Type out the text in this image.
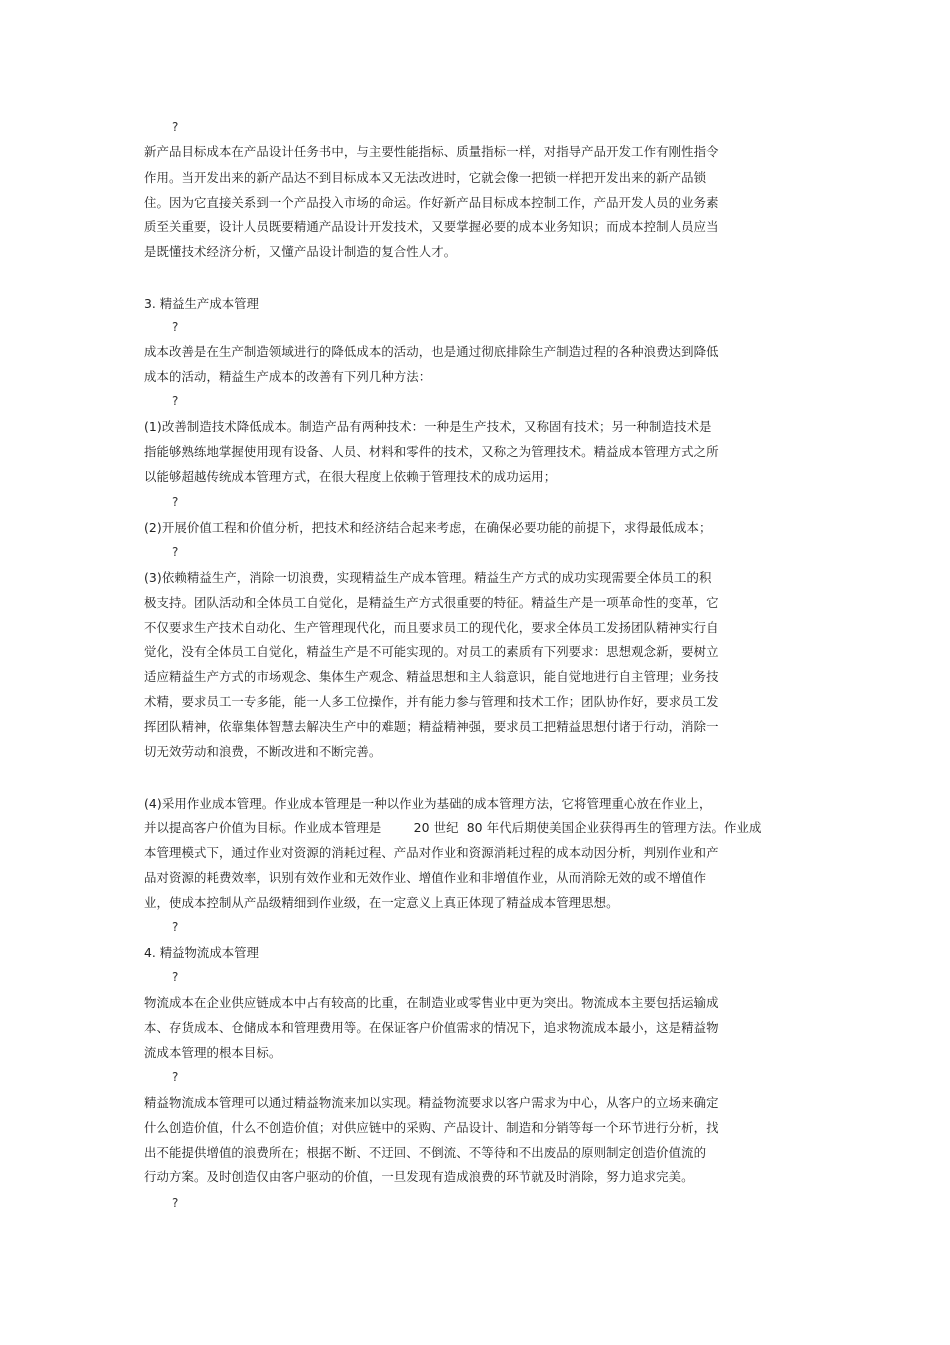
?
新产品目标成本在产品设计任务书中，与主要性能指标、质量指标一样，对指导产品开发工作有刚性指令
作用。当开发出来的新产品达不到目标成本又无法改进时，它就会像一把锁一样把开发出来的新产品锁
住。因为它直接关系到一个产品投入市场的命运。作好新产品目标成本控制工作，产品开发人员的业务素
质至关重要，设计人员既要精通产品设计开发技术，又要掌握必要的成本业务知识；而成本控制人员应当
是既懂技术经济分析，又懂产品设计制造的复合性人才。
3. 精益生产成本管理
?
成本改善是在生产制造领域进行的降低成本的活动，也是通过彻底排除生产制造过程的各种浪费达到降低
成本的活动，精益生产成本的改善有下列几种方法：
?
(1)改善制造技术降低成本。制造产品有两种技术：一种是生产技术，又称固有技术；另一种制造技术是
指能够熟练地掌握使用现有设备、人员、材料和零件的技术，又称之为管理技术。精益成本管理方式之所
以能够超越传统成本管理方式，在很大程度上依赖于管理技术的成功运用；
?
(2)开展价值工程和价值分析，把技术和经济结合起来考虑，在确保必要功能的前提下，求得最低成本；
?
(3)依赖精益生产，消除一切浪费，实现精益生产成本管理。精益生产方式的成功实现需要全体员工的积
极支持。团队活动和全体员工自觉化，是精益生产方式很重要的特征。精益生产是一项革命性的变革，它
不仅要求生产技术自动化、生产管理现代化，而且要求员工的现代化，要求全体员工发扬团队精神实行自
觉化，没有全体员工自觉化，精益生产是不可能实现的。对员工的素质有下列要求：思想观念新，要树立
适应精益生产方式的市场观念、集体生产观念、精益思想和主人翁意识，能自觉地进行自主管理；业务技
术精，要求员工一专多能，能一人多工位操作，并有能力参与管理和技术工作；团队协作好，要求员工发
挥团队精神，依靠集体智慧去解决生产中的难题；精益精神强，要求员工把精益思想付诸于行动，消除一
切无效劳动和浪费，不断改进和不断完善。
(4)采用作业成本管理。作业成本管理是一种以作业为基础的成本管理方法，它将管理重心放在作业上，
并以提高客户价值为目标。作业成本管理是        20 世纪  80 年代后期使美国企业获得再生的管理方法。作业成
本管理模式下，通过作业对资源的消耗过程、产品对作业和资源消耗过程的成本动因分析，判别作业和产
品对资源的耗费效率，识别有效作业和无效作业、增值作业和非增值作业，从而消除无效的或不增值作
业，使成本控制从产品级精细到作业级，在一定意义上真正体现了精益成本管理思想。
?
4. 精益物流成本管理
?
物流成本在企业供应链成本中占有较高的比重，在制造业或零售业中更为突出。物流成本主要包括运输成
本、存货成本、仓储成本和管理费用等。在保证客户价值需求的情况下，追求物流成本最小，这是精益物
流成本管理的根本目标。
?
精益物流成本管理可以通过精益物流来加以实现。精益物流要求以客户需求为中心，从客户的立场来确定
什么创造价值，什么不创造价值；对供应链中的采购、产品设计、制造和分销等每一个环节进行分析，找
出不能提供增值的浪费所在；根据不断、不迂回、不倒流、不等待和不出废品的原则制定创造价值流的
行动方案。及时创造仅由客户驱动的价值，一旦发现有造成浪费的环节就及时消除，努力追求完美。
?
